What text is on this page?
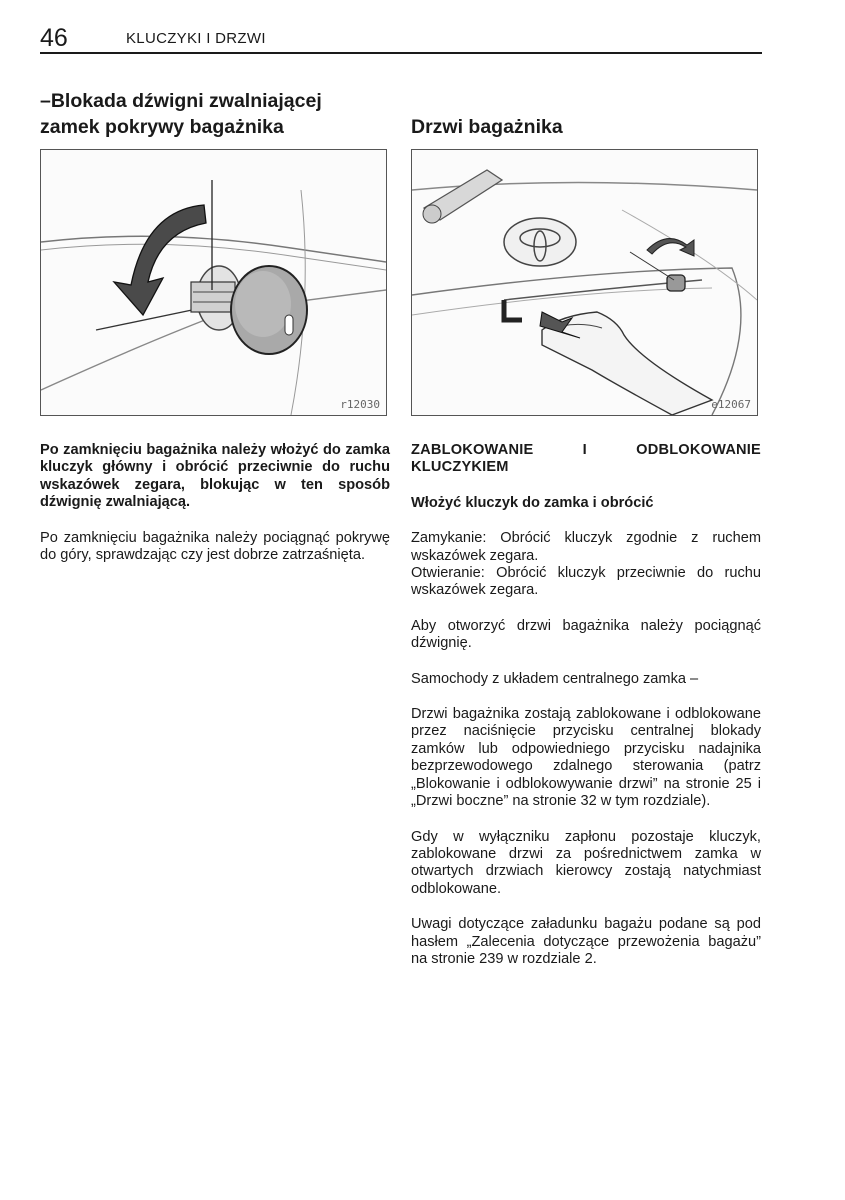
46	KLUCZYKI I DRZWI
–Blokada dźwigni zwalniającej
zamek pokrywy bagażnika
r12030

Po zamknięciu bagażnika należy włożyć do zamka kluczyk główny i obrócić przeciwnie do ruchu wskazówek zegara, blokując w ten sposób dźwignię zwalniającą.

Po zamknięciu bagażnika należy pociągnąć pokrywę do góry, sprawdzając czy jest dobrze zatrzaśnięta.

Drzwi bagażnika
e12067

ZABLOKOWANIE I ODBLOKOWANIE KLUCZYKIEM

Włożyć kluczyk do zamka i obrócić

Zamykanie: Obrócić kluczyk zgodnie z ruchem wskazówek zegara.

Otwieranie: Obrócić kluczyk przeciwnie do ruchu wskazówek zegara.

Aby otworzyć drzwi bagażnika należy pociągnąć dźwignię.

Samochody z układem centralnego zamka –

Drzwi bagażnika zostają zablokowane i odblokowane przez naciśnięcie przycisku centralnej blokady zamków lub odpowiedniego przycisku nadajnika bezprzewodowego zdalnego sterowania (patrz „Blokowanie i odblokowywanie drzwi” na stronie 25 i „Drzwi boczne” na stronie 32 w tym rozdziale).

Gdy w wyłączniku zapłonu pozostaje kluczyk, zablokowane drzwi za pośrednictwem zamka w otwartych drzwiach kierowcy zostają natychmiast odblokowane.

Uwagi dotyczące załadunku bagażu podane są pod hasłem „Zalecenia dotyczące przewożenia bagażu” na stronie 239 w rozdziale 2.
